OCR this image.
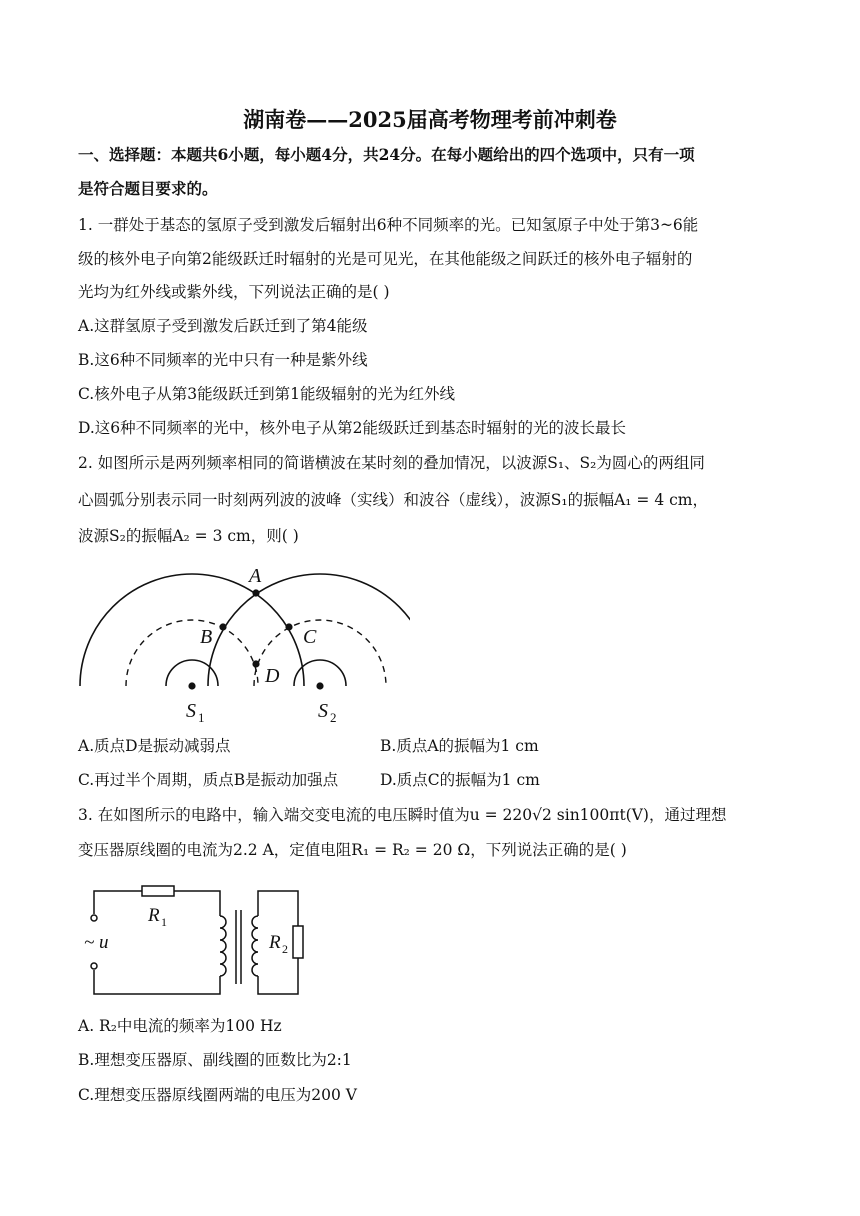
湖南卷——2025届高考物理考前冲刺卷
一、选择题：本题共6小题，每小题4分，共24分。在每小题给出的四个选项中，只有一项
是符合题目要求的。
1. 一群处于基态的氢原子受到激发后辐射出6种不同频率的光。已知氢原子中处于第3~6能
级的核外电子向第2能级跃迁时辐射的光是可见光，在其他能级之间跃迁的核外电子辐射的
光均为红外线或紫外线，下列说法正确的是( )
A.这群氢原子受到激发后跃迁到了第4能级
B.这6种不同频率的光中只有一种是紫外线
C.核外电子从第3能级跃迁到第1能级辐射的光为红外线
D.这6种不同频率的光中，核外电子从第2能级跃迁到基态时辐射的光的波长最长
2. 如图所示是两列频率相同的简谐横波在某时刻的叠加情况，以波源S₁、S₂为圆心的两组同
心圆弧分别表示同一时刻两列波的波峰（实线）和波谷（虚线），波源S₁的振幅A₁ = 4 cm，
波源S₂的振幅A₂ = 3 cm，则( )
A
B	C
D
S	S
1	2
A.质点D是振动减弱点	B.质点A的振幅为1 cm
C.再过半个周期，质点B是振动加强点	D.质点C的振幅为1 cm
3. 在如图所示的电路中，输入端交变电流的电压瞬时值为u = 220√2 sin100πt(V)，通过理想
变压器原线圈的电流为2.2 A，定值电阻R₁ = R₂ = 20 Ω，下列说法正确的是( )
R
R
~ u
1
2
A. R₂中电流的频率为100 Hz
B.理想变压器原、副线圈的匝数比为2:1
C.理想变压器原线圈两端的电压为200 V
